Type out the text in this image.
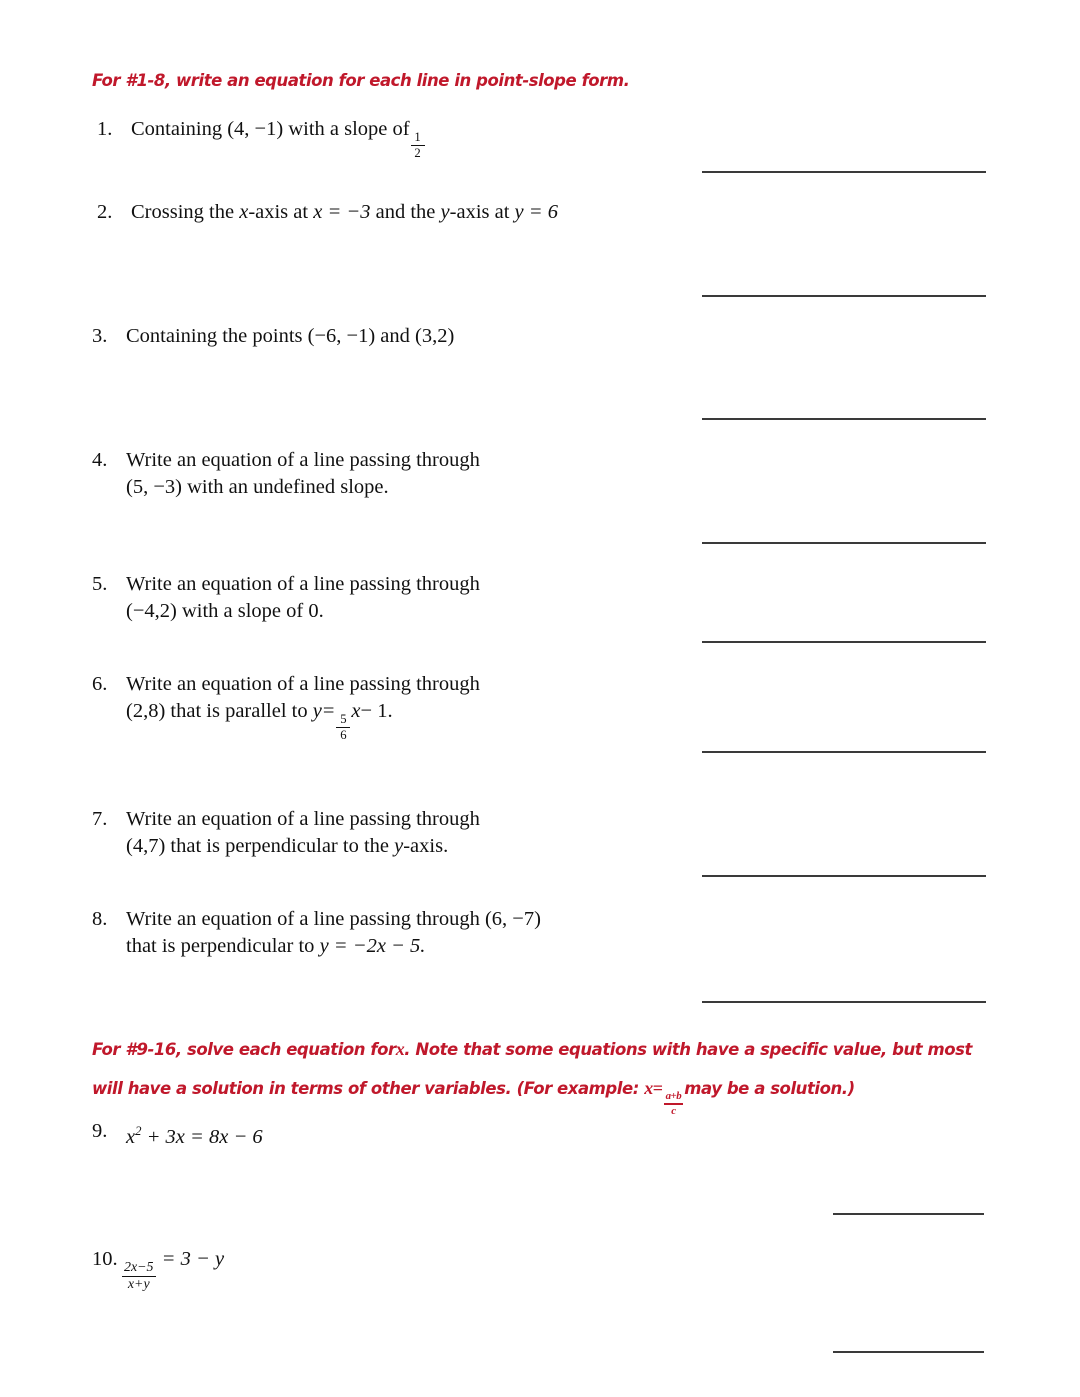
For #1-8, write an equation for each line in point-slope form.
1. Containing (4, −1) with a slope of
$\frac{1}{2}$
2. Crossing the x-axis at x = −3 and the y-axis at y = 6
3. Containing the points (−6, −1) and (3,2)
4. Write an equation of a line passing through
(5, −3) with an undefined slope.
5. Write an equation of a line passing through
(−4,2) with a slope of 0.
6. Write an equation of a line passing through
(2,8) that is parallel to y=
$\frac{5}{6}$
x− 1.
7. Write an equation of a line passing through
(4,7) that is perpendicular to the y-axis.
8. Write an equation of a line passing through (6, −7)
that is perpendicular to y = −2x − 5.
For #9-16, solve each equation forx. Note that some equations with have a specific value, but most
will have a solution in terms of other variables. (For example: x=
$\frac{a+b}{c}$
may be a solution.)
9. $x^2 + 3x = 8x - 6$
10.
$\frac{2x-5}{x+y}$
= 3 − y
